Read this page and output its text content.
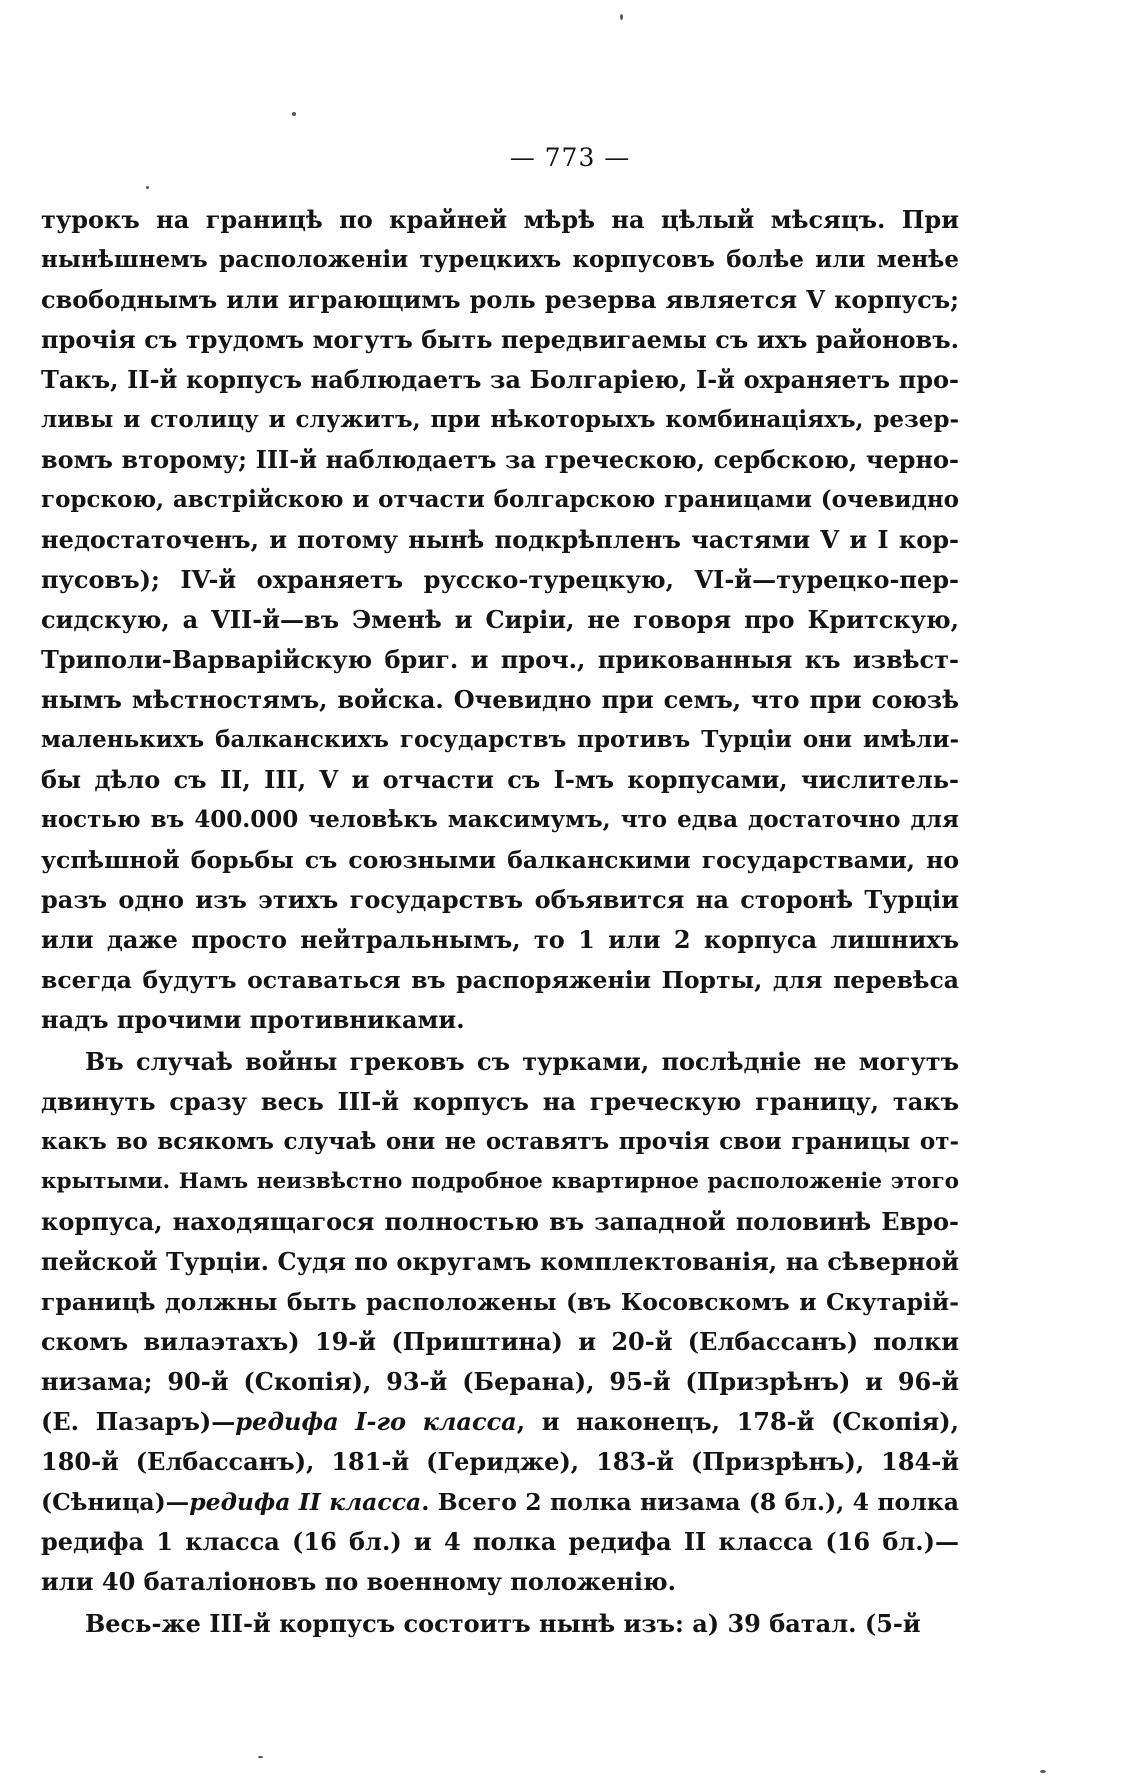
— 773 —
турокъ на границѣ по крайней мѣрѣ на цѣлый мѣсяцъ. При
нынѣшнемъ расположеніи турецкихъ корпусовъ болѣе или менѣе
свободнымъ или играющимъ роль резерва является V корпусъ;
прочія съ трудомъ могутъ быть передвигаемы съ ихъ районовъ.
Такъ, II-й корпусъ наблюдаетъ за Болгаріею, I-й охраняетъ про-
ливы и столицу и служитъ, при нѣкоторыхъ комбинаціяхъ, резер-
вомъ второму; III-й наблюдаетъ за греческою, сербскою, черно-
горскою, австрійскою и отчасти болгарскою границами (очевидно
недостаточенъ, и потому нынѣ подкрѣпленъ частями V и I кор-
пусовъ); IV-й охраняетъ русско-турецкую, VI-й—турецко-пер-
сидскую, а VII-й—въ Эменѣ и Сиріи, не говоря про Критскую,
Триполи-Варварійскую бриг. и проч., прикованныя къ извѣст-
нымъ мѣстностямъ, войска. Очевидно при семъ, что при союзѣ
маленькихъ балканскихъ государствъ противъ Турціи они имѣли-
бы дѣло съ II, III, V и отчасти съ I-мъ корпусами, числитель-
ностью въ 400.000 человѣкъ максимумъ, что едва достаточно для
успѣшной борьбы съ союзными балканскими государствами, но
разъ одно изъ этихъ государствъ объявится на сторонѣ Турціи
или даже просто нейтральнымъ, то 1 или 2 корпуса лишнихъ
всегда будутъ оставаться въ распоряженіи Порты, для перевѣса
надъ прочими противниками.
Въ случаѣ войны грековъ съ турками, послѣдніе не могутъ
двинуть сразу весь III-й корпусъ на греческую границу, такъ
какъ во всякомъ случаѣ они не оставятъ прочія свои границы от-
крытыми. Намъ неизвѣстно подробное квартирное расположеніе этого
корпуса, находящагося полностью въ западной половинѣ Евро-
пейской Турціи. Судя по округамъ комплектованія, на сѣверной
границѣ должны быть расположены (въ Косовскомъ и Скутарій-
скомъ вилаэтахъ) 19-й (Приштина) и 20-й (Елбассанъ) полки
низама; 90-й (Скопія), 93-й (Берана), 95-й (Призрѣнъ) и 96-й
(Е. Пазаръ)—редифа I-го класса, и наконецъ, 178-й (Скопія),
180-й (Елбассанъ), 181-й (Геридже), 183-й (Призрѣнъ), 184-й
(Сѣница)—редифа II класса. Всего 2 полка низама (8 бл.), 4 полка
редифа 1 класса (16 бл.) и 4 полка редифа II класса (16 бл.)—
или 40 баталіоновъ по военному положенію.
Весь-же III-й корпусъ состоитъ нынѣ изъ: а) 39 батал. (5-й
